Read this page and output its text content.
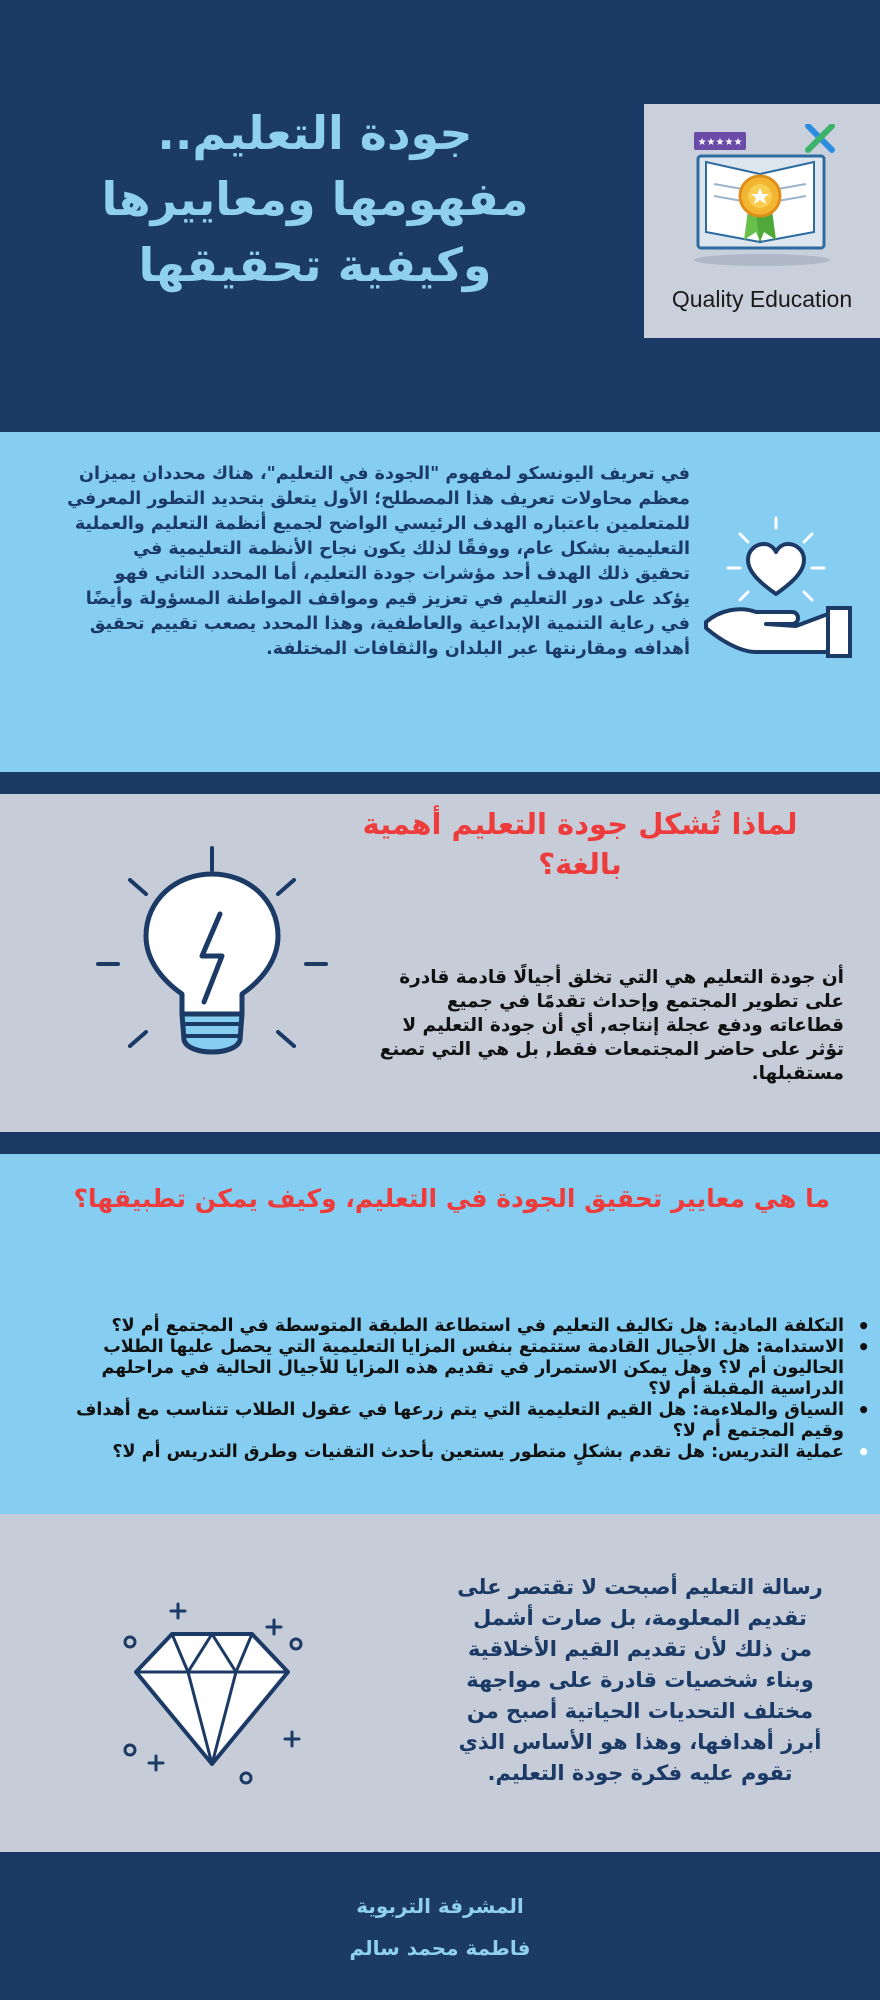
جودة التعليم..
مفهومها ومعاييرها
وكيفية تحقيقها
★★★★★
Quality Education

في تعريف اليونسكو لمفهوم "الجودة في التعليم"، هناك محددان يميزان
معظم محاولات تعريف هذا المصطلح؛ الأول يتعلق بتحديد التطور المعرفي
للمتعلمين باعتباره الهدف الرئيسي الواضح لجميع أنظمة التعليم والعملية
التعليمية بشكل عام، ووفقًا لذلك يكون نجاح الأنظمة التعليمية في
تحقيق ذلك الهدف أحد مؤشرات جودة التعليم، أما المحدد الثاني فهو
يؤكد على دور التعليم في تعزيز قيم ومواقف المواطنة المسؤولة وأيضًا
في رعاية التنمية الإبداعية والعاطفية، وهذا المحدد يصعب تقييم تحقيق
أهدافه ومقارنتها عبر البلدان والثقافات المختلفة.

لماذا تُشكل جودة التعليم أهمية
بالغة؟
أن جودة التعليم هي التي تخلق أجيالًا قادمة قادرة
على تطوير المجتمع وإحداث تقدمًا في جميع
قطاعاته ودفع عجلة إنتاجه, أي أن جودة التعليم لا
تؤثر على حاضر المجتمعات فقط, بل هي التي تصنع
مستقبلها.
ما هي معايير تحقيق الجودة في التعليم، وكيف يمكن تطبيقها؟
• التكلفة المادية: هل تكاليف التعليم في استطاعة الطبقة المتوسطة في المجتمع أم لا؟
• الاستدامة: هل الأجيال القادمة ستتمتع بنفس المزايا التعليمية التي يحصل عليها الطلاب
الحاليون أم لا؟ وهل يمكن الاستمرار في تقديم هذه المزايا للأجيال الحالية في مراحلهم
الدراسية المقبلة أم لا؟
• السياق والملاءمة: هل القيم التعليمية التي يتم زرعها في عقول الطلاب تتناسب مع أهداف
وقيم المجتمع أم لا؟
• عملية التدريس: هل تقدم بشكلٍ متطور يستعين بأحدث التقنيات وطرق التدريس أم لا؟
رسالة التعليم أصبحت لا تقتصر على
تقديم المعلومة، بل صارت أشمل
من ذلك لأن تقديم القيم الأخلاقية
وبناء شخصيات قادرة على مواجهة
مختلف التحديات الحياتية أصبح من
أبرز أهدافها، وهذا هو الأساس الذي
تقوم عليه فكرة جودة التعليم.
المشرفة التربوية
فاطمة محمد سالم
